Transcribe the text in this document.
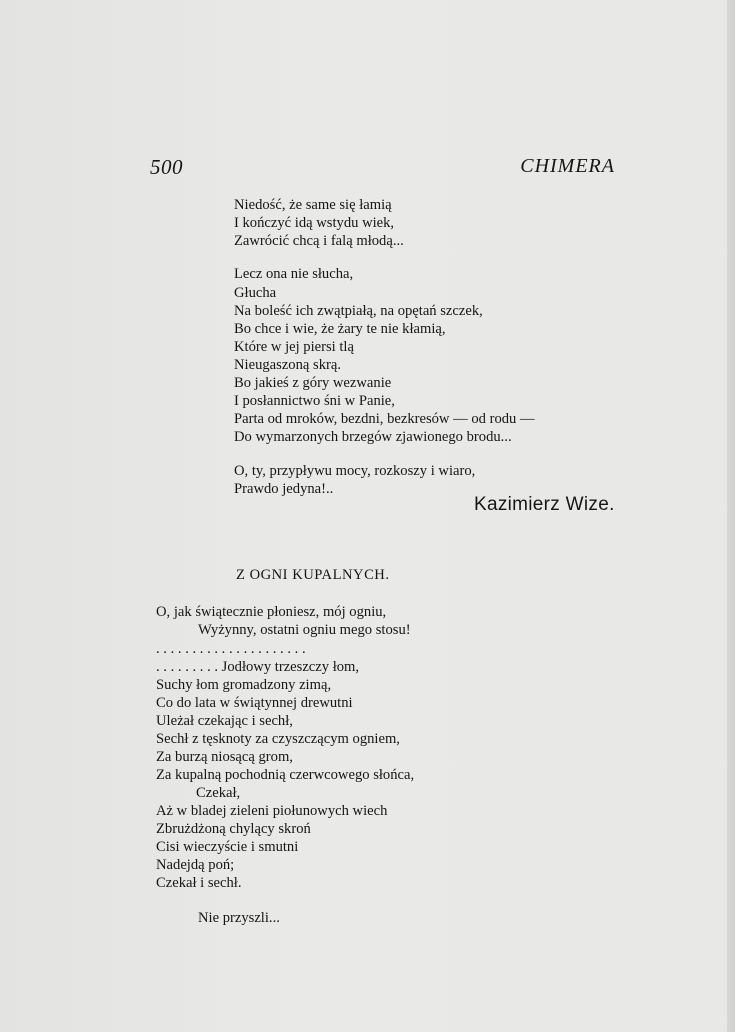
500	CHIMERA
Niedość, że same się łamią
I kończyć idą wstydu wiek,
Zawrócić chcą i falą młodą...
Lecz ona nie słucha,
Głucha
Na boleść ich zwątpiałą, na opętań szczek,
Bo chce i wie, że żary te nie kłamią,
Które w jej piersi tlą
Nieugaszoną skrą.
Bo jakieś z góry wezwanie
I posłannictwo śni w Panie,
Parta od mroków, bezdni, bezkresów — od rodu —
Do wymarzonych brzegów zjawionego brodu...
O, ty, przypływu mocy, rozkoszy i wiaro,
Prawdo jedyna!..
Kazimierz Wize.
Z OGNI KUPALNYCH.
O, jak świątecznie płoniesz, mój ogniu,
Wyżynny, ostatni ogniu mego stosu!
. . . . . . . . . . . . . . . . . . . . .
. . . . . . . . . Jodłowy trzeszczy łom,
Suchy łom gromadzony zimą,
Co do lata w świątynnej drewutni
Uleżał czekając i sechł,
Sechł z tęsknoty za czyszczącym ogniem,
Za burzą niosącą grom,
Za kupalną pochodnią czerwcowego słońca,
Czekał,
Aż w bladej zieleni piołunowych wiech
Zbrużdżoną chylący skroń
Cisi wieczyście i smutni
Nadejdą poń;
Czekał i sechł.
Nie przyszli...
